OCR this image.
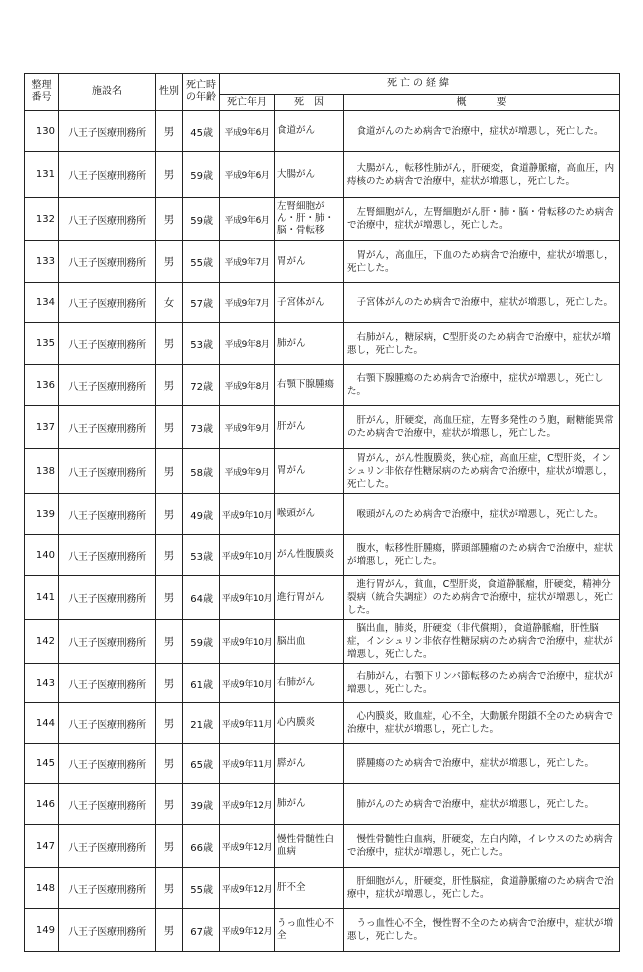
整理番号	施設名	性別	死亡時の年齢	死亡の経緯		
				死亡年月	死　因	概　　　要
130	八王子医療刑務所	男	45歳	平成9年6月	食道がん	食道がんのため病舎で治療中，症状が増悪し，死亡した。
131	八王子医療刑務所	男	59歳	平成9年6月	大腸がん	大腸がん，転移性肺がん，肝硬変，食道静脈瘤，高血圧，内痔核のため病舎で治療中，症状が増悪し，死亡した。
132	八王子医療刑務所	男	59歳	平成9年6月	左腎細胞がん・肝・肺・脳・骨転移	左腎細胞がん，左腎細胞がん肝・肺・脳・骨転移のため病舎で治療中，症状が増悪し，死亡した。
133	八王子医療刑務所	男	55歳	平成9年7月	胃がん	胃がん，高血圧，下血のため病舎で治療中，症状が増悪し，死亡した。
134	八王子医療刑務所	女	57歳	平成9年7月	子宮体がん	子宮体がんのため病舎で治療中，症状が増悪し，死亡した。
135	八王子医療刑務所	男	53歳	平成9年8月	肺がん	右肺がん，糖尿病，C型肝炎のため病舎で治療中，症状が増悪し，死亡した。
136	八王子医療刑務所	男	72歳	平成9年8月	右顎下腺腫瘍	右顎下腺腫瘍のため病舎で治療中，症状が増悪し，死亡した。
137	八王子医療刑務所	男	73歳	平成9年9月	肝がん	肝がん，肝硬変，高血圧症，左腎多発性のう胞，耐糖能異常のため病舎で治療中，症状が増悪し，死亡した。
138	八王子医療刑務所	男	58歳	平成9年9月	胃がん	胃がん，がん性腹膜炎，狭心症，高血圧症，C型肝炎，インシュリン非依存性糖尿病のため病舎で治療中，症状が増悪し，死亡した。
139	八王子医療刑務所	男	49歳	平成9年10月	喉頭がん	喉頭がんのため病舎で治療中，症状が増悪し，死亡した。
140	八王子医療刑務所	男	53歳	平成9年10月	がん性腹膜炎	腹水，転移性肝腫瘍，膵頭部腫瘤のため病舎で治療中，症状が増悪し，死亡した。
141	八王子医療刑務所	男	64歳	平成9年10月	進行胃がん	進行胃がん，貧血，C型肝炎，食道静脈瘤，肝硬変，精神分裂病（統合失調症）のため病舎で治療中，症状が増悪し，死亡した。
142	八王子医療刑務所	男	59歳	平成9年10月	脳出血	脳出血，肺炎，肝硬変（非代償期），食道静脈瘤，肝性脳症，インシュリン非依存性糖尿病のため病舎で治療中，症状が増悪し，死亡した。
143	八王子医療刑務所	男	61歳	平成9年10月	右肺がん	右肺がん，右顎下リンパ節転移のため病舎で治療中，症状が増悪し，死亡した。
144	八王子医療刑務所	男	21歳	平成9年11月	心内膜炎	心内膜炎，敗血症，心不全，大動脈弁閉鎖不全のため病舎で治療中，症状が増悪し，死亡した。
145	八王子医療刑務所	男	65歳	平成9年11月	膵がん	膵腫瘍のため病舎で治療中，症状が増悪し，死亡した。
146	八王子医療刑務所	男	39歳	平成9年12月	肺がん	肺がんのため病舎で治療中，症状が増悪し，死亡した。
147	八王子医療刑務所	男	66歳	平成9年12月	慢性骨髄性白血病	慢性骨髄性白血病，肝硬変，左白内障，イレウスのため病舎で治療中，症状が増悪し，死亡した。
148	八王子医療刑務所	男	55歳	平成9年12月	肝不全	肝細胞がん，肝硬変，肝性脳症，食道静脈瘤のため病舎で治療中，症状が増悪し，死亡した。
149	八王子医療刑務所	男	67歳	平成9年12月	うっ血性心不全	うっ血性心不全，慢性腎不全のため病舎で治療中，症状が増悪し，死亡した。
